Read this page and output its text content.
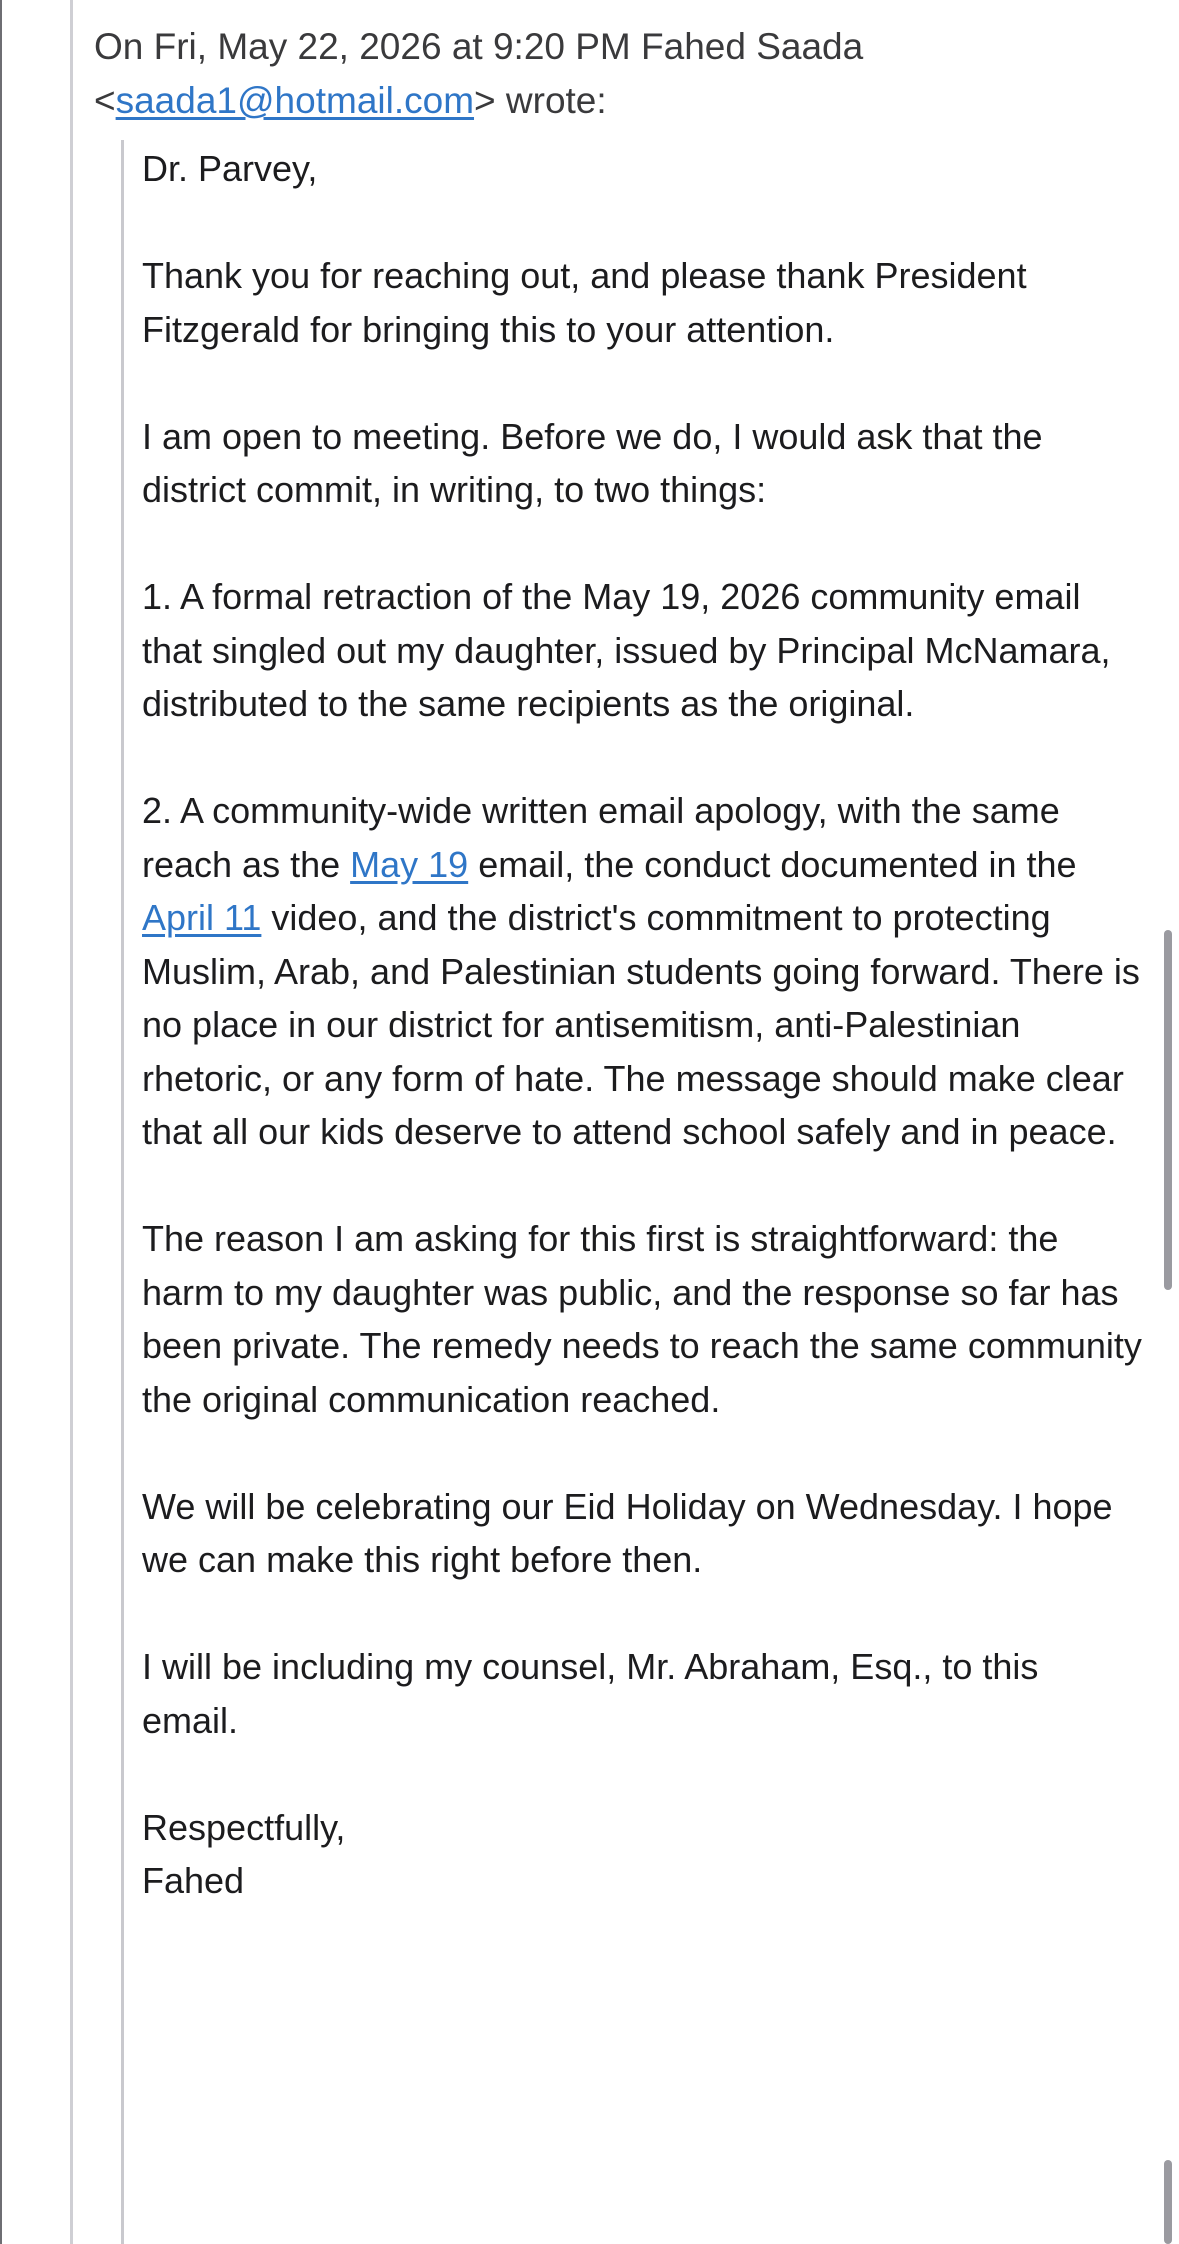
On Fri, May 22, 2026 at 9:20 PM Fahed Saada
<saada1@hotmail.com> wrote:

Dr. Parvey,

Thank you for reaching out, and please thank President Fitzgerald for bringing this to your attention.

I am open to meeting. Before we do, I would ask that the district commit, in writing, to two things:

1. A formal retraction of the May 19, 2026 community email that singled out my daughter, issued by Principal McNamara, distributed to the same recipients as the original.

2. A community-wide written email apology, with the same reach as the May 19 email, the conduct documented in the April 11 video, and the district's commitment to protecting Muslim, Arab, and Palestinian students going forward. There is no place in our district for antisemitism, anti-Palestinian rhetoric, or any form of hate. The message should make clear that all our kids deserve to attend school safely and in peace.

The reason I am asking for this first is straightforward: the harm to my daughter was public, and the response so far has been private. The remedy needs to reach the same community the original communication reached.

We will be celebrating our Eid Holiday on Wednesday. I hope we can make this right before then.

I will be including my counsel, Mr. Abraham, Esq., to this email.

Respectfully,

Fahed
